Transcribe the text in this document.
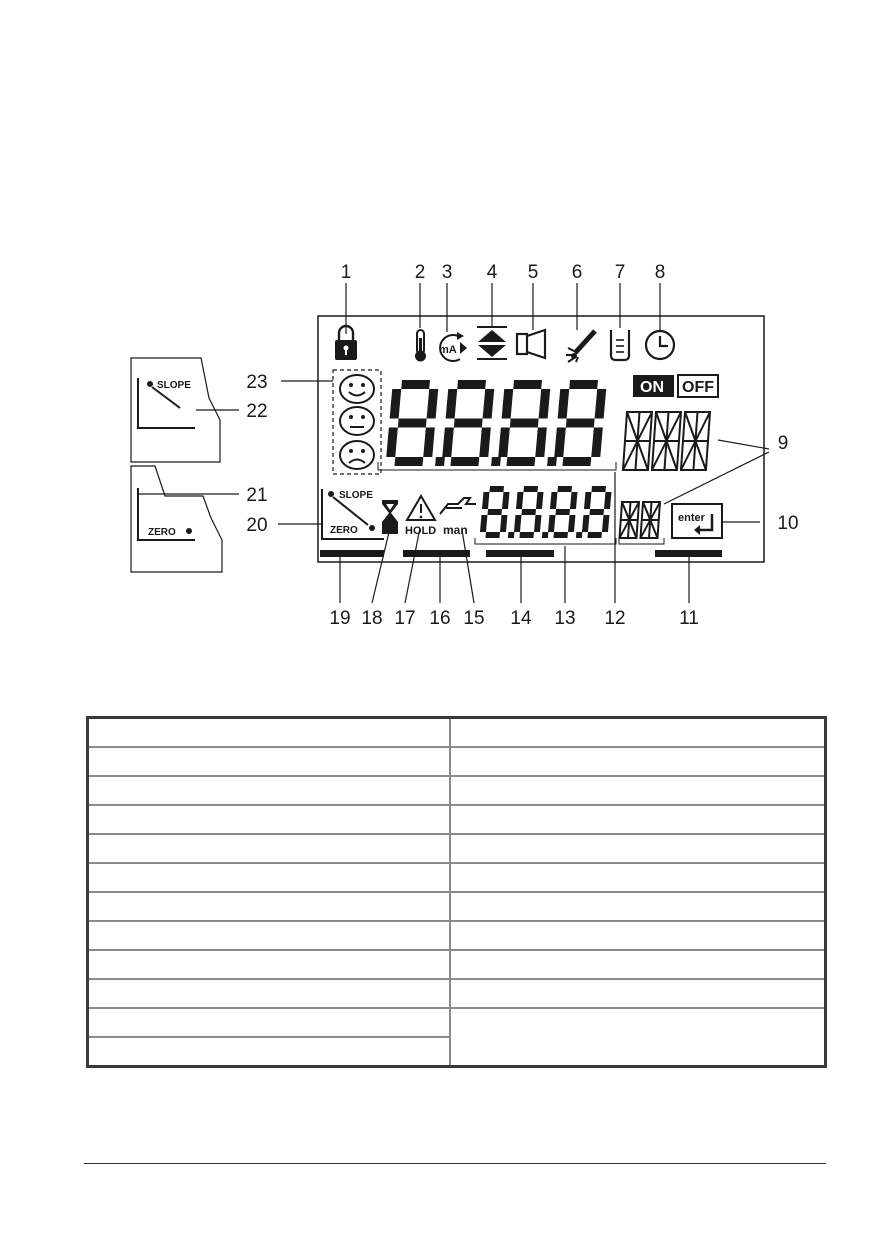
mA
ON OFF
SLOPE
ZERO	HOLD man
enter
SLOPE
ZERO
1	2 3 4 5 6 7 8
9
10
23
22
21
20
19 18 17 16 15 14 13 12	11
